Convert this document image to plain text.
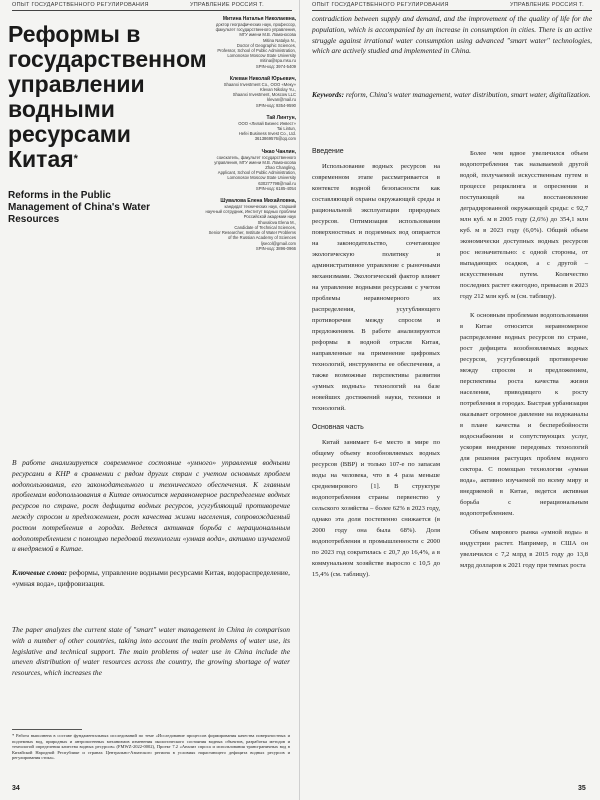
ОПЫТ ГОСУДАРСТВЕННОГО РЕГУЛИРОВАНИЯ	УПРАВЛЕНИЕ РОССИЯ T.
Реформы в государственном управлении водными ресурсами Китая*
Reforms in the Public Management of China's Water Resources
Митина Наталья Николаевна,
доктор географических наук, профессор,
факультет государственного управления,
МГУ имени М.В. Ломоносова
Mitina Natalya N.,
Doctor of Geographic Sciences,
Professor, School of Public Administration,
Lomonosov Moscow State University
mitina@spa.msu.ru
SPIN-код: 3974-5409
Клеван Николай Юрьевич,
Shaanxi Investment Co., ООО «Меку»
Klevan Nikolay Yu.,
Shaanxi Investment, Moscow LLC
klevan@mail.ru
SPIN-код: 9354-9590
Тай Линтун,
ООО «Лилай Бизнес Инвест»
Tai Lintun,
Hefei Business Invest Co., Ltd.
3613869576@qq.com
Чжао Чанлин,
соискатель, факультет государственного
управления, МГУ имени М.В. Ломоносова
Zhao Changling,
Applicant, School of Public Administration,
Lomonosov Moscow State University
630277798@mail.ru
SPIN-код: 6185-4054
Шувалова Елена Михайловна,
кандидат технических наук, старший
научный сотрудник, Институт водных проблем
Российской академии наук
Shuvalova Elena M.,
Candidate of Technical Sciences,
Senior Researcher, Institute of Water Problems
of the Russian Academy of Sciences
ljsecol@gmail.com
SPIN-код: 3896-0966

В работе анализируется современное состояние «умного» управления водными ресурсами в КНР в сравнении с рядом других стран с учетом основных проблем водопользования, его законодательного и технического обеспечения. К главным проблемам водопользования в Китае относится неравномерное распределение водных ресурсов по стране, рост дефицита водных ресурсов, усугубляющий противоречие между спросом и предложением, рост качества жизни населения, сопровождаемый ростом потребления в городах. Ведется активная борьба с нерациональным водопотреблением с помощью передовой технологии «умная вода», активно изучаемой и внедряемой в Китае.

Ключевые слова: реформы, управление водными ресурсами Китая, водораспределение, «умная вода», цифровизация.

The paper analyzes the current state of "smart" water management in China in comparison with a number of other countries, taking into account the main problems of water use, its legislative and technical support. The main problems of water use in China include the uneven distribution of water resources across the country, the growing shortage of water resources, which increases the

* Работа выполнена в составе фундаментальных исследований по теме «Исследование процессов формирования качества поверхностных и подземных вод, природных и антропогенных механизмов изменения экологического состояния водных объектов, разработка методов и технологий определения качества водных ресурсов» (FMWZ-2022-0002), Проект 7.2 «Анализ спроса и использования трансграничных вод в Китайской Народной Республике и странах Центрально-Азиатского региона в условиях нарастающего дефицита водных ресурсов и регулирования стока».

34
ОПЫТ ГОСУДАРСТВЕННОГО РЕГУЛИРОВАНИЯ	УПРАВЛЕНИЕ РОССИЯ T.

contradiction between supply and demand, and the improvement of the quality of life for the population, which is accompanied by an increase in consumption in cities. There is an active struggle against irrational water consumption using advanced "smart water" technologies, which are actively studied and implemented in China.

Keywords: reform, China's water management, water distribution, smart water, digitalization.

Введение

Использование водных ресурсов на современном этапе рассматривается в контексте водной безопасности как составляющей охраны окружающей среды и рациональной эксплуатации природных ресурсов. Оптимизация использования поверхностных и подземных вод опирается на законодательство, сочетающее экологическую политику и административное управление с рыночными механизмами. Экологический фактор влияет на управление водными ресурсами с учетом проблемы неравномерного их распределения, усугубляющего противоречия между спросом и предложением. В работе анализируются реформы в водной отрасли Китая, направленные на применение цифровых технологий, инструменты ее обеспечения, а также возможные перспективы развития «умных водных» технологий на базе новейших достижений науки, техники и технологий.

Основная часть

Китай занимает 6-е место в мире по общему объему возобновляемых водных ресурсов (ВВР) и только 107-е по запасам воды на человека, что в 4 раза меньше среднемирового [1]. В структуре водопотребления страны первенство у сельского хозяйства – более 62% в 2023 году, однако эта доля постепенно снижается (в 2000 году она была 68%). Доля водопотребления в промышленности с 2000 по 2023 год сократилась с 20,7 до 16,4%, а в коммунальном хозяйстве выросло с 10,5 до 15,4% (см. таблицу).

Более чем вдвое увеличился объем водопотребления так называемой другой водой, получаемой искусственным путем в процессе рециклинга и опреснения и поступающей на восстановление деградированной окружающей среды: с 92,7 млн куб. м в 2005 году (2,6%) до 354,1 млн куб. м в 2023 году (6,0%). Общий объем экономически доступных водных ресурсов рос незначительно: с одной стороны, от выпадающих осадков, а с другой – искусственным путем. Количество последних растет ежегодно, превысив в 2023 году 212 млн куб. м (см. таблицу).

К основным проблемам водопользования в Китае относится неравномерное распределение водных ресурсов по стране, рост дефицита возобновляемых водных ресурсов, усугубляющий противоречие между спросом и предложением, перспективы роста качества жизни населения, приводящего к росту потребления в городах. Быстрая урбанизация оказывает огромное давление на водоканалы в плане качества и бесперебойности водоснабжения и сопутствующих услуг, ускоряя внедрение передовых технологий для решения растущих проблем водного сектора. С помощью технологии «умная вода», активно изучаемой по всему миру и внедряемой в Китае, ведется активная борьба с нерациональным водопотреблением.

Объем мирового рынка «умной воды» в индустрии растет. Например, в США он увеличился с 7,2 млрд в 2015 году до 13,8 млрд долларов к 2021 году при темпах роста

35
